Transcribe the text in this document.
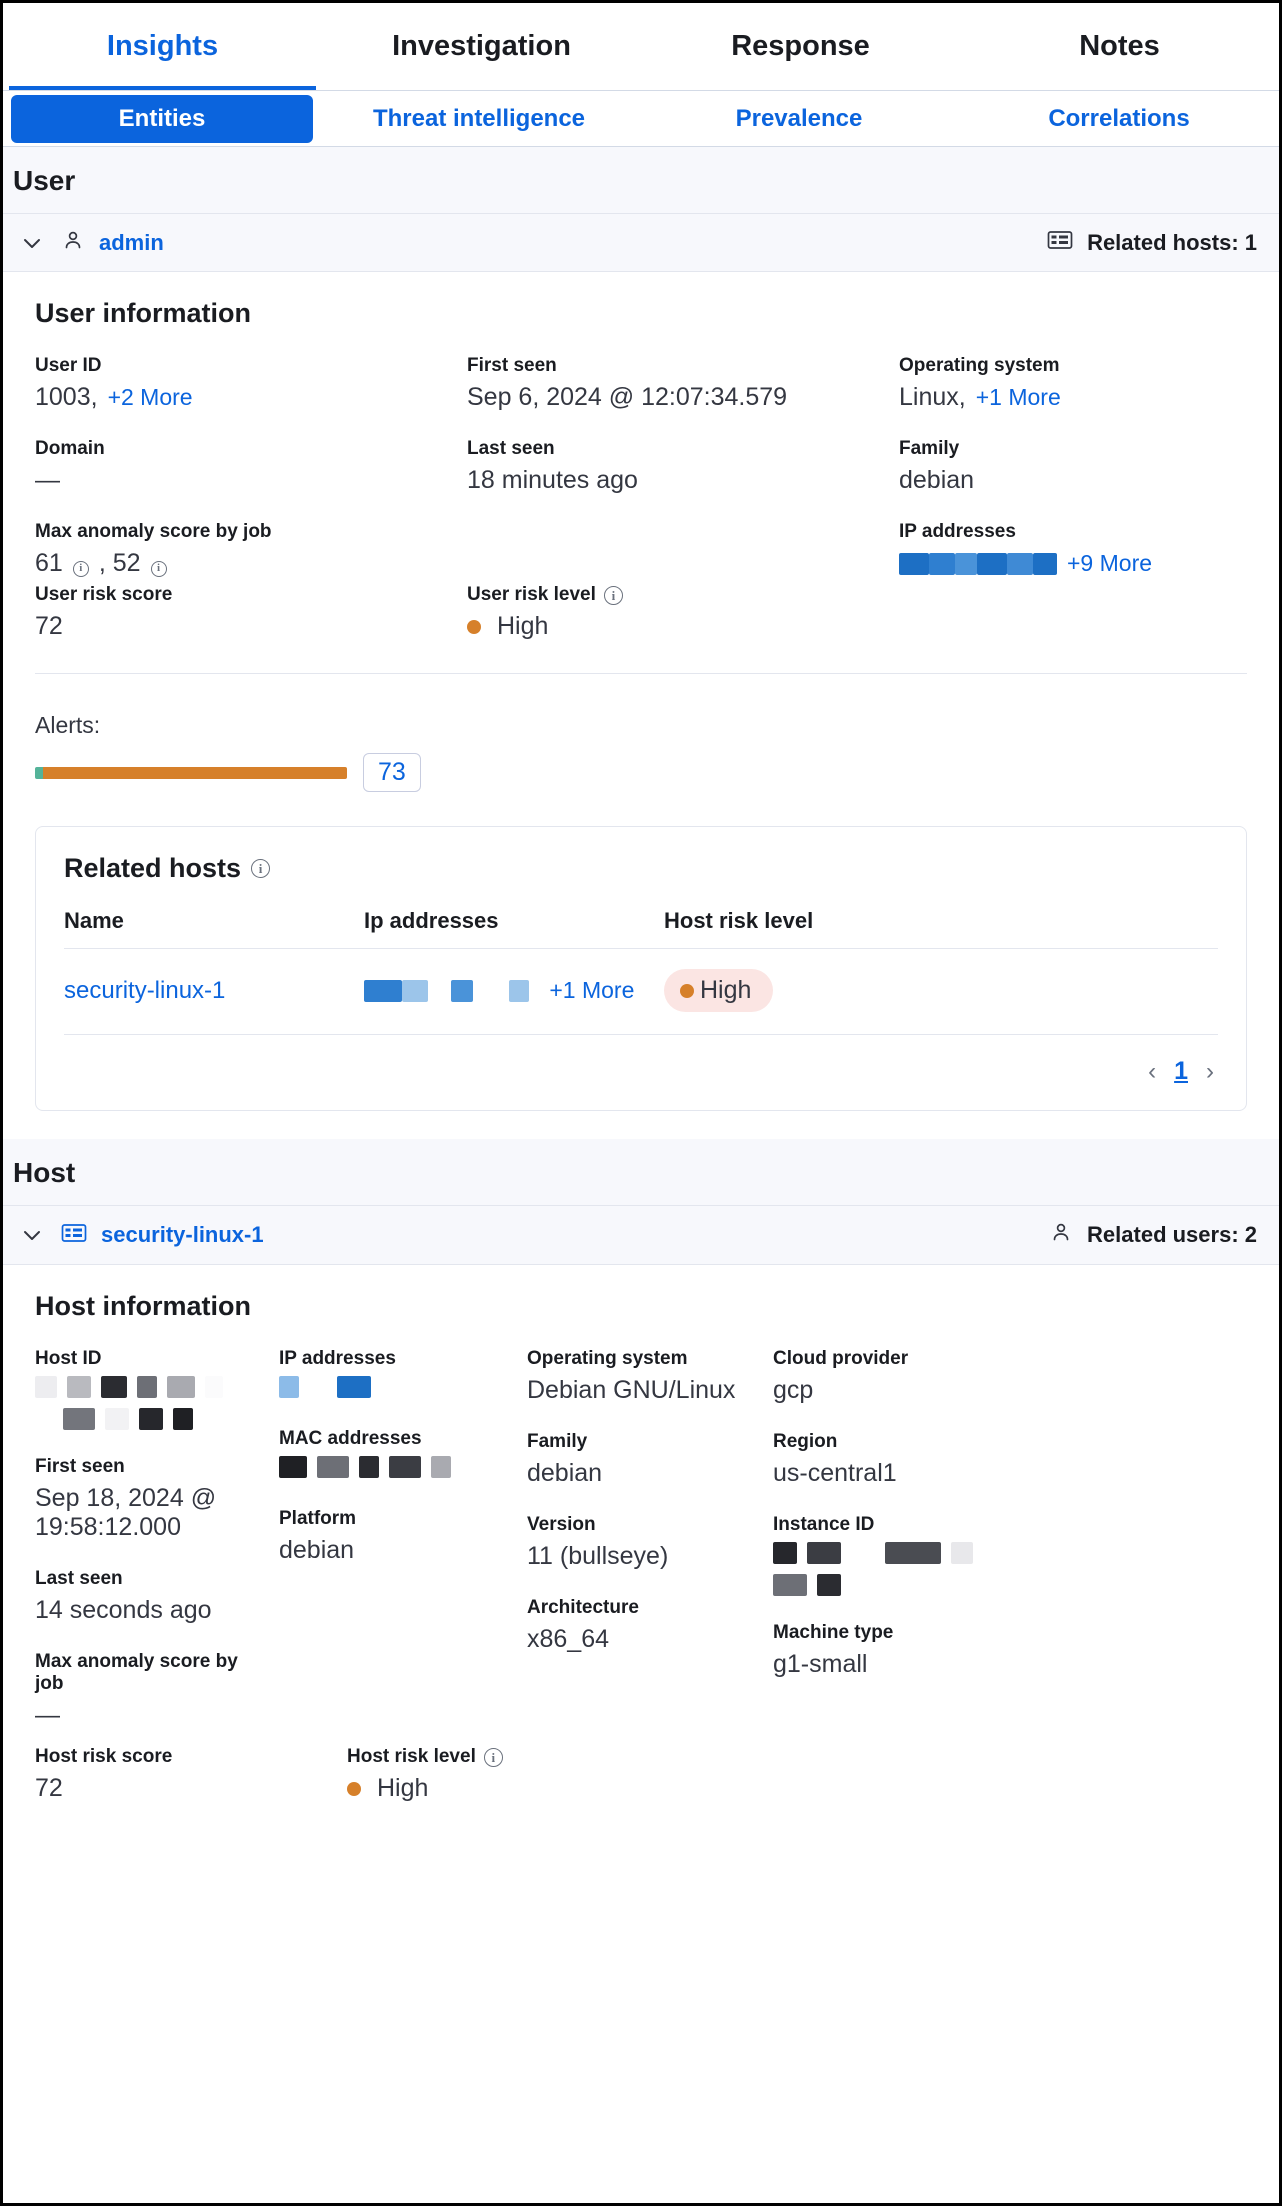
Insights	Investigation	Response	Notes
Entities	Threat intelligence	Prevalence	Correlations
User
admin	Related hosts: 1
User information
User ID
1003, +2 More
Domain
—
Max anomaly score by job
61	i , 52	i
First seen
Sep 6, 2024 @ 12:07:34.579
Last seen
18 minutes ago
Operating system
Linux, +1 More
Family
debian
IP addresses
+9 More
User risk score
72
User risk level	i
High
Alerts:
73
Related hosts	i
Name	Ip addresses	Host risk level
security-linux-1	+1 More	High
‹ 1 ›
Host
security-linux-1	Related users: 2
Host information
Host ID
First seen
Sep 18, 2024 @ 19:58:12.000
Last seen
14 seconds ago
Max anomaly score by job
—
IP addresses
MAC addresses
Platform
debian
Operating system
Debian GNU/Linux
Family
debian
Version
11 (bullseye)
Architecture
x86_64
Cloud provider
gcp
Region
us-central1
Instance ID
Machine type
g1-small
Host risk score
72
Host risk level	i
High
